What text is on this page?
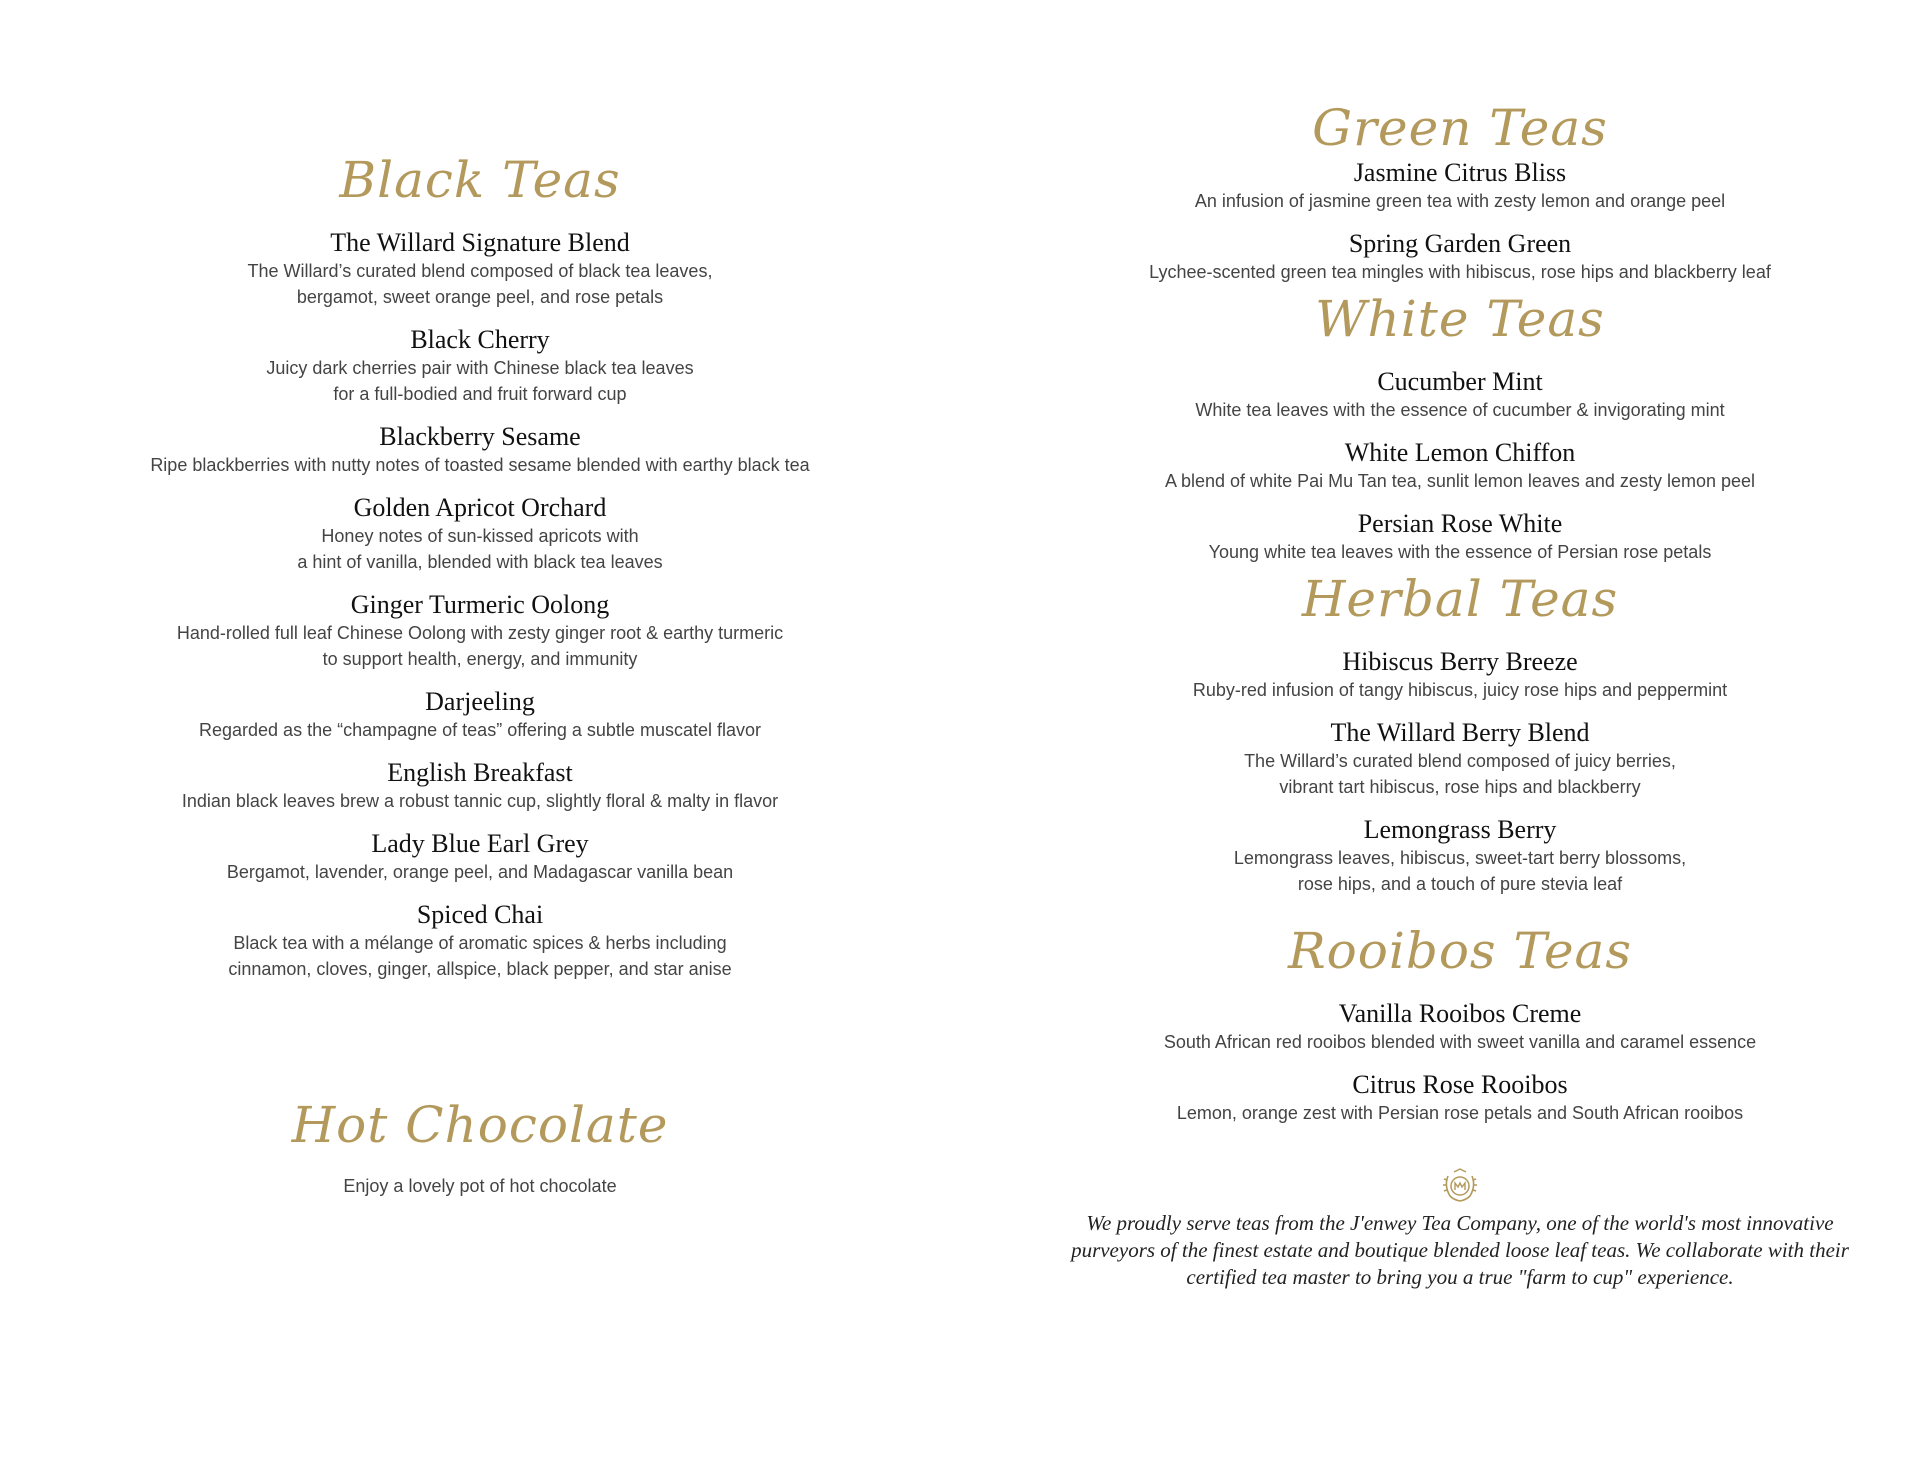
Black Teas
The Willard Signature Blend
The Willard’s curated blend composed of black tea leaves,
bergamot, sweet orange peel, and rose petals
Black Cherry
Juicy dark cherries pair with Chinese black tea leaves
for a full-bodied and fruit forward cup
Blackberry Sesame
Ripe blackberries with nutty notes of toasted sesame blended with earthy black tea
Golden Apricot Orchard
Honey notes of sun-kissed apricots with
a hint of vanilla, blended with black tea leaves
Ginger Turmeric Oolong
Hand-rolled full leaf Chinese Oolong with zesty ginger root & earthy turmeric
to support health, energy, and immunity
Darjeeling
Regarded as the “champagne of teas” offering a subtle muscatel flavor
English Breakfast
Indian black leaves brew a robust tannic cup, slightly floral & malty in flavor
Lady Blue Earl Grey
Bergamot, lavender, orange peel, and Madagascar vanilla bean
Spiced Chai
Black tea with a mélange of aromatic spices & herbs including
cinnamon, cloves, ginger, allspice, black pepper, and star anise
Hot Chocolate
Enjoy a lovely pot of hot chocolate
Green Teas
Jasmine Citrus Bliss
An infusion of jasmine green tea with zesty lemon and orange peel
Spring Garden Green
Lychee-scented green tea mingles with hibiscus, rose hips and blackberry leaf
White Teas
Cucumber Mint
White tea leaves with the essence of cucumber & invigorating mint
White Lemon Chiffon
A blend of white Pai Mu Tan tea, sunlit lemon leaves and zesty lemon peel
Persian Rose White
Young white tea leaves with the essence of Persian rose petals
Herbal Teas
Hibiscus Berry Breeze
Ruby-red infusion of tangy hibiscus, juicy rose hips and peppermint
The Willard Berry Blend
The Willard’s curated blend composed of juicy berries,
vibrant tart hibiscus, rose hips and blackberry
Lemongrass Berry
Lemongrass leaves, hibiscus, sweet-tart berry blossoms,
rose hips, and a touch of pure stevia leaf
Rooibos Teas
Vanilla Rooibos Creme
South African red rooibos blended with sweet vanilla and caramel essence
Citrus Rose Rooibos
Lemon, orange zest with Persian rose petals and South African rooibos
We proudly serve teas from the J'enwey Tea Company, one of the world's most innovative
purveyors of the finest estate and boutique blended loose leaf teas. We collaborate with their
certified tea master to bring you a true "farm to cup" experience.
